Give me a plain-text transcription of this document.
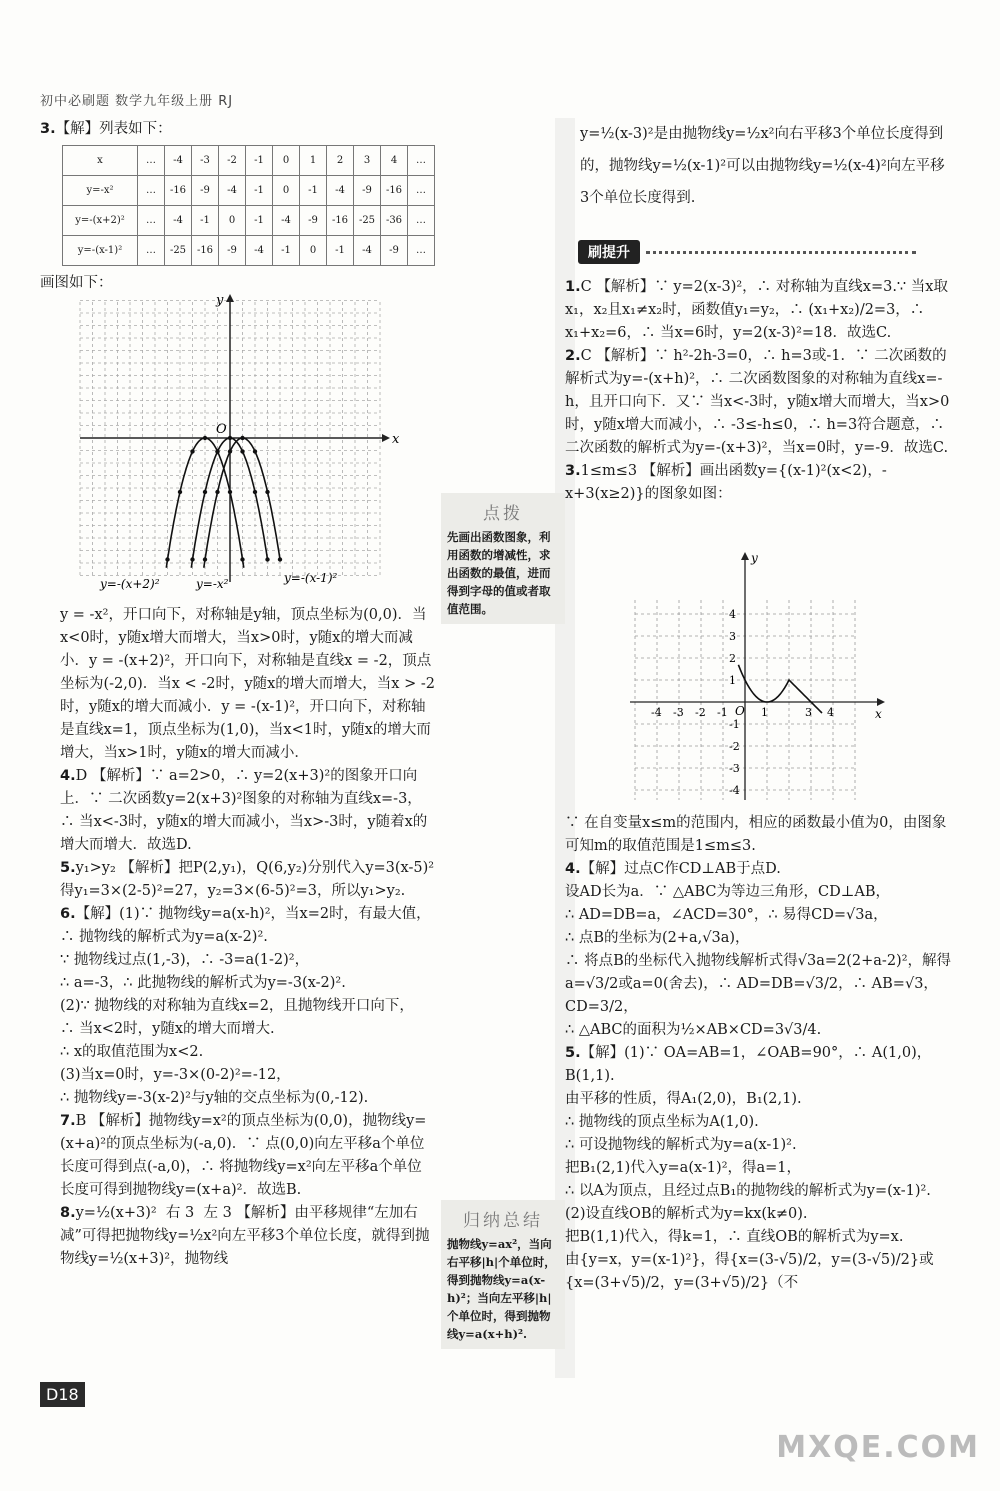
初中必刷题 数学九年级上册 RJ

3.【解】列表如下：

x	…	-4	-3	-2	-1	0	1	2	3	4	…
y=-x²	…	-16	-9	-4	-1	0	-1	-4	-9	-16	…
y=-(x+2)²	…	-4	-1	0	-1	-4	-9	-16	-25	-36	…
y=-(x-1)²	…	-25	-16	-9	-4	-1	0	-1	-4	-9	…

画图如下：

x
y
O
y=-(x+2)²	y=-x²	y=-(x-1)²

y = -x²，开口向下，对称轴是y轴，顶点坐标为(0,0)．当x<0时，y随x增大而增大，当x>0时，y随x的增大而减小．y = -(x+2)²，开口向下，对称轴是直线x = -2，顶点坐标为(-2,0)．当x < -2时，y随x的增大而增大，当x > -2时，y随x的增大而减小．y = -(x-1)²，开口向下，对称轴是直线x=1，顶点坐标为(1,0)，当x<1时，y随x的增大而增大，当x>1时，y随x的增大而减小．

4.D 【解析】∵ a=2>0，∴ y=2(x+3)²的图象开口向上．∵ 二次函数y=2(x+3)²图象的对称轴为直线x=-3，∴ 当x<-3时，y随x的增大而减小，当x>-3时，y随着x的增大而增大．故选D.

5.y₁>y₂ 【解析】把P(2,y₁)，Q(6,y₂)分别代入y=3(x-5)²得y₁=3×(2-5)²=27，y₂=3×(6-5)²=3，所以y₁>y₂.

6.【解】(1)∵ 抛物线y=a(x-h)²，当x=2时，有最大值，∴ 抛物线的解析式为y=a(x-2)².
∵ 抛物线过点(1,-3)，∴ -3=a(1-2)²，
∴ a=-3，∴ 此抛物线的解析式为y=-3(x-2)².
(2)∵ 抛物线的对称轴为直线x=2，且抛物线开口向下，
∴ 当x<2时，y随x的增大而增大.
∴ x的取值范围为x<2.
(3)当x=0时，y=-3×(0-2)²=-12，
∴ 抛物线y=-3(x-2)²与y轴的交点坐标为(0,-12).

7.B 【解析】抛物线y=x²的顶点坐标为(0,0)，抛物线y=(x+a)²的顶点坐标为(-a,0)．∵ 点(0,0)向左平移a个单位长度可得到点(-a,0)，∴ 将抛物线y=x²向左平移a个单位长度可得到抛物线y=(x+a)²．故选B.

8.y=½(x+3)²  右 3  左 3 【解析】由平移规律“左加右减”可得把抛物线y=½x²向左平移3个单位长度，就得到抛物线y=½(x+3)²，抛物线

点拨
先画出函数图象，利用函数的增减性，求出函数的最值，进而得到字母的值或者取值范围。
归纳总结
抛物线y=ax²，当向右平移|h|个单位时，得到抛物线y=a(x-h)²；当向左平移|h|个单位时，得到抛物线y=a(x+h)².

y=½(x-3)²是由抛物线y=½x²向右平移3个单位长度得到的，抛物线y=½(x-1)²可以由抛物线y=½(x-4)²向左平移3个单位长度得到.

刷提升

1.C 【解析】∵ y=2(x-3)²，∴ 对称轴为直线x=3.∵ 当x取x₁，x₂且x₁≠x₂时，函数值y₁=y₂，∴ (x₁+x₂)/2=3，∴ x₁+x₂=6，∴ 当x=6时，y=2(x-3)²=18．故选C.

2.C 【解析】∵ h²-2h-3=0，∴ h=3或-1．∵ 二次函数的解析式为y=-(x+h)²，∴ 二次函数图象的对称轴为直线x=-h，且开口向下．又∵ 当x<-3时，y随x增大而增大，当x>0时，y随x增大而减小，∴ -3≤-h≤0，∴ h=3符合题意，∴ 二次函数的解析式为y=-(x+3)²，当x=0时，y=-9．故选C.

3.1≤m≤3 【解析】画出函数y={(x-1)²(x<2)，-x+3(x≥2)}的图象如图：

x
y
O
-4 -3 -2 -1	1	3 4
4
3
2
1
-1
-2
-3
-4

∵ 在自变量x≤m的范围内，相应的函数最小值为0，由图象可知m的取值范围是1≤m≤3.

4.【解】过点C作CD⊥AB于点D.
设AD长为a．∵ △ABC为等边三角形，CD⊥AB，
∴ AD=DB=a，∠ACD=30°，∴ 易得CD=√3a，
∴ 点B的坐标为(2+a,√3a)，
∴ 将点B的坐标代入抛物线解析式得√3a=2(2+a-2)²，解得a=√3/2或a=0(舍去)，∴ AD=DB=√3/2，∴ AB=√3，CD=3/2，
∴ △ABC的面积为½×AB×CD=3√3/4.

5.【解】(1)∵ OA=AB=1，∠OAB=90°，∴ A(1,0)，B(1,1).
由平移的性质，得A₁(2,0)，B₁(2,1).
∴ 抛物线的顶点坐标为A(1,0).
∴ 可设抛物线的解析式为y=a(x-1)².
把B₁(2,1)代入y=a(x-1)²，得a=1，
∴ 以A为顶点，且经过点B₁的抛物线的解析式为y=(x-1)².
(2)设直线OB的解析式为y=kx(k≠0).
把B(1,1)代入，得k=1，∴ 直线OB的解析式为y=x.
由{y=x，y=(x-1)²}，得{x=(3-√5)/2，y=(3-√5)/2}或{x=(3+√5)/2，y=(3+√5)/2}（不

D18
MXQE.COM
